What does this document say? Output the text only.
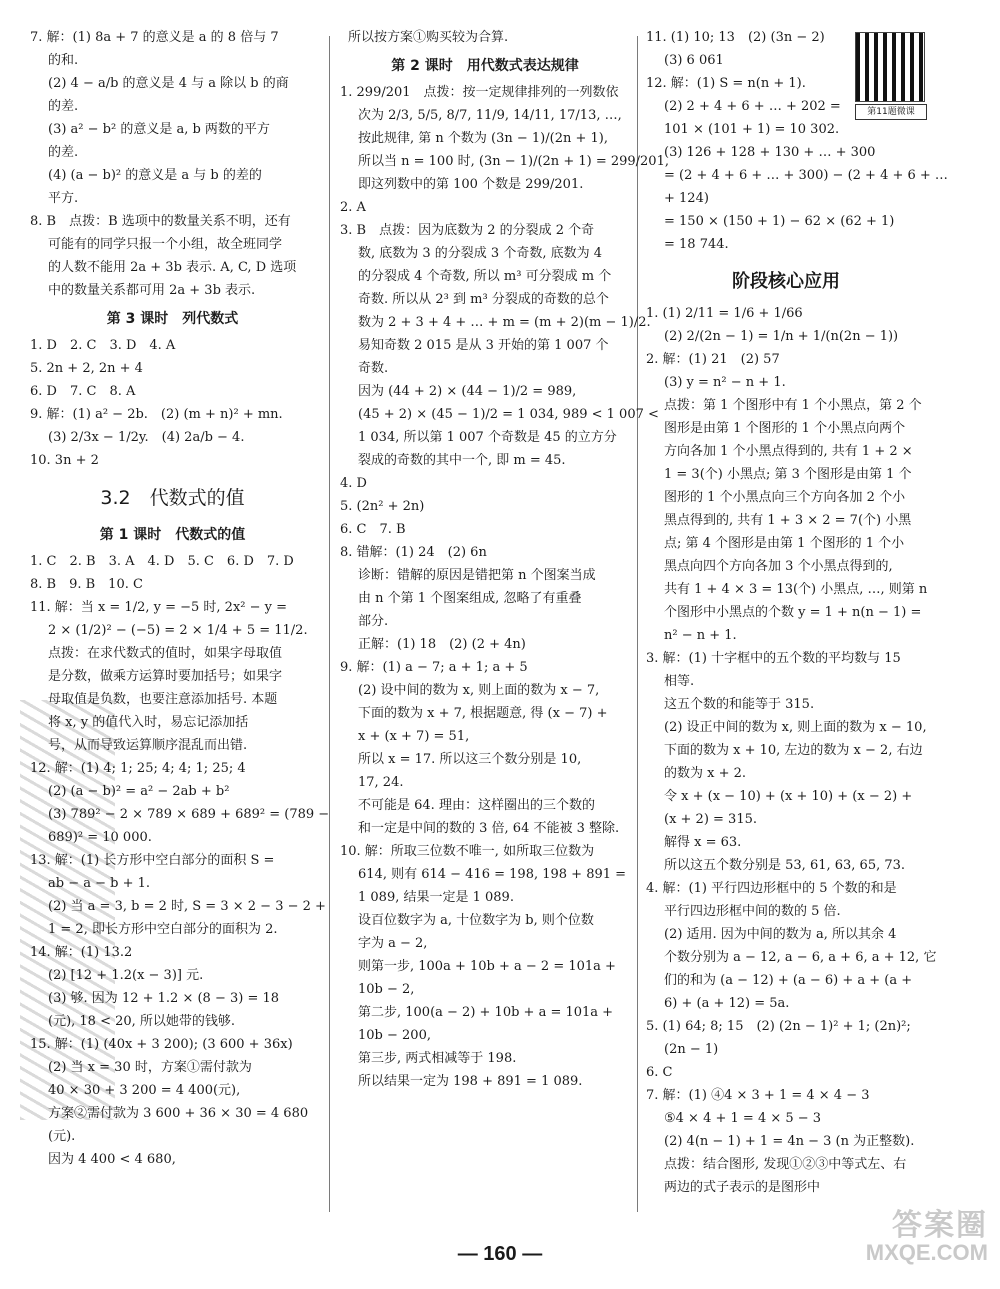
7. 解：(1) 8a + 7 的意义是 a 的 8 倍与 7
的和.
(2) 4 − a/b 的意义是 4 与 a 除以 b 的商
的差.
(3) a² − b² 的意义是 a, b 两数的平方
的差.
(4) (a − b)² 的意义是 a 与 b 的差的
平方.
8. B　点拨：B 选项中的数量关系不明，还有
可能有的同学只报一个小组，故全班同学
的人数不能用 2a + 3b 表示. A, C, D 选项
中的数量关系都可用 2a + 3b 表示.
第 3 课时　列代数式
1. D　2. C　3. D　4. A
5. 2n + 2, 2n + 4
6. D　7. C　8. A
9. 解：(1) a² − 2b.　(2) (m + n)² + mn.
(3) 2/3x − 1/2y.　(4) 2a/b − 4.
10. 3n + 2
3.2　代数式的值
第 1 课时　代数式的值
1. C　2. B　3. A　4. D　5. C　6. D　7. D
8. B　9. B　10. C
11. 解：当 x = 1/2, y = −5 时, 2x² − y =
2 × (1/2)² − (−5) = 2 × 1/4 + 5 = 11/2.
点拨：在求代数式的值时，如果字母取值
是分数，做乘方运算时要加括号；如果字
母取值是负数，也要注意添加括号. 本题
将 x, y 的值代入时，易忘记添加括
号，从而导致运算顺序混乱而出错.
12. 解：(1) 4; 1; 25; 4; 4; 1; 25; 4
(2) (a − b)² = a² − 2ab + b²
(3) 789² − 2 × 789 × 689 + 689² = (789 −
689)² = 10 000.
13. 解：(1) 长方形中空白部分的面积 S =
ab − a − b + 1.
(2) 当 a = 3, b = 2 时, S = 3 × 2 − 3 − 2 +
1 = 2, 即长方形中空白部分的面积为 2.
14. 解：(1) 13.2
(2) [12 + 1.2(x − 3)] 元.
(3) 够. 因为 12 + 1.2 × (8 − 3) = 18
(元), 18 < 20, 所以她带的钱够.
15. 解：(1) (40x + 3 200); (3 600 + 36x)
(2) 当 x = 30 时，方案①需付款为
40 × 30 + 3 200 = 4 400(元),
方案②需付款为 3 600 + 36 × 30 = 4 680
(元).
因为 4 400 < 4 680,
所以按方案①购买较为合算.
第 2 课时　用代数式表达规律
1. 299/201　点拨：按一定规律排列的一列数依
次为 2/3, 5/5, 8/7, 11/9, 14/11, 17/13, …,
按此规律, 第 n 个数为 (3n − 1)/(2n + 1),
所以当 n = 100 时, (3n − 1)/(2n + 1) = 299/201,
即这列数中的第 100 个数是 299/201.
2. A
3. B　点拨：因为底数为 2 的分裂成 2 个奇
数, 底数为 3 的分裂成 3 个奇数, 底数为 4
的分裂成 4 个奇数, 所以 m³ 可分裂成 m 个
奇数. 所以从 2³ 到 m³ 分裂成的奇数的总个
数为 2 + 3 + 4 + … + m = (m + 2)(m − 1)/2.
易知奇数 2 015 是从 3 开始的第 1 007 个
奇数.
因为 (44 + 2) × (44 − 1)/2 = 989,
(45 + 2) × (45 − 1)/2 = 1 034, 989 < 1 007 <
1 034, 所以第 1 007 个奇数是 45 的立方分
裂成的奇数的其中一个, 即 m = 45.
4. D
5. (2n² + 2n)
6. C　7. B
8. 错解：(1) 24　(2) 6n
诊断：错解的原因是错把第 n 个图案当成
由 n 个第 1 个图案组成, 忽略了有重叠
部分.
正解：(1) 18　(2) (2 + 4n)
9. 解：(1) a − 7; a + 1; a + 5
(2) 设中间的数为 x, 则上面的数为 x − 7,
下面的数为 x + 7, 根据题意, 得 (x − 7) +
x + (x + 7) = 51,
所以 x = 17. 所以这三个数分别是 10,
17, 24.
不可能是 64. 理由：这样圈出的三个数的
和一定是中间的数的 3 倍, 64 不能被 3 整除.
10. 解：所取三位数不唯一, 如所取三位数为
614, 则有 614 − 416 = 198, 198 + 891 =
1 089, 结果一定是 1 089.
设百位数字为 a, 十位数字为 b, 则个位数
字为 a − 2,
则第一步, 100a + 10b + a − 2 = 101a +
10b − 2,
第二步, 100(a − 2) + 10b + a = 101a +
10b − 200,
第三步, 两式相减等于 198.
所以结果一定为 198 + 891 = 1 089.
11. (1) 10; 13　(2) (3n − 2)
(3) 6 061
12. 解：(1) S = n(n + 1).
(2) 2 + 4 + 6 + … + 202 =
101 × (101 + 1) = 10 302.
(3) 126 + 128 + 130 + … + 300
= (2 + 4 + 6 + … + 300) − (2 + 4 + 6 + …
+ 124)
= 150 × (150 + 1) − 62 × (62 + 1)
= 18 744.
阶段核心应用
1. (1) 2/11 = 1/6 + 1/66
(2) 2/(2n − 1) = 1/n + 1/(n(2n − 1))
2. 解：(1) 21　(2) 57
(3) y = n² − n + 1.
点拨：第 1 个图形中有 1 个小黑点，第 2 个
图形是由第 1 个图形的 1 个小黑点向两个
方向各加 1 个小黑点得到的, 共有 1 + 2 ×
1 = 3(个) 小黑点; 第 3 个图形是由第 1 个
图形的 1 个小黑点向三个方向各加 2 个小
黑点得到的, 共有 1 + 3 × 2 = 7(个) 小黑
点; 第 4 个图形是由第 1 个图形的 1 个小
黑点向四个方向各加 3 个小黑点得到的,
共有 1 + 4 × 3 = 13(个) 小黑点, …, 则第 n
个图形中小黑点的个数 y = 1 + n(n − 1) =
n² − n + 1.
3. 解：(1) 十字框中的五个数的平均数与 15
相等.
这五个数的和能等于 315.
(2) 设正中间的数为 x, 则上面的数为 x − 10,
下面的数为 x + 10, 左边的数为 x − 2, 右边
的数为 x + 2.
令 x + (x − 10) + (x + 10) + (x − 2) +
(x + 2) = 315.
解得 x = 63.
所以这五个数分别是 53, 61, 63, 65, 73.
4. 解：(1) 平行四边形框中的 5 个数的和是
平行四边形框中间的数的 5 倍.
(2) 适用. 因为中间的数为 a, 所以其余 4
个数分别为 a − 12, a − 6, a + 6, a + 12, 它
们的和为 (a − 12) + (a − 6) + a + (a +
6) + (a + 12) = 5a.
5. (1) 64; 8; 15　(2) (2n − 1)² + 1; (2n)²;
(2n − 1)
6. C
7. 解：(1) ④4 × 3 + 1 = 4 × 4 − 3
⑤4 × 4 + 1 = 4 × 5 − 3
(2) 4(n − 1) + 1 = 4n − 3 (n 为正整数).
点拨：结合图形, 发现①②③中等式左、右
两边的式子表示的是图形中
第11题微课
— 160 —
答案圈
MXQE.COM
